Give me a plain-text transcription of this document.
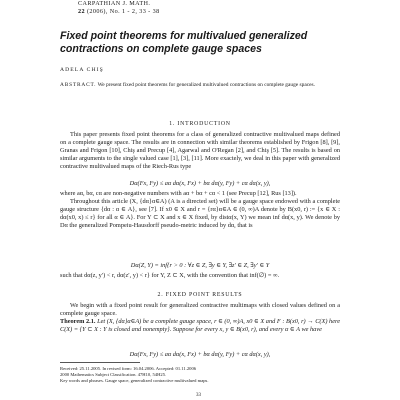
CARPATHIAN J. MATH.
22 (2006), No. 1 - 2, 33 - 38
Fixed point theorems for multivalued generalized contractions on complete gauge spaces
ADELA CHIŞ
ABSTRACT. We present fixed point theorems for generalized multivalued contractions on complete gauge spaces.
1. INTRODUCTION

This paper presents fixed point theorems for a class of generalized contractive multivalued maps defined on a complete gauge space. The results are in connection with similar theorems established by Frigon [8], [9], Granas and Frigon [10], Chiş and Precup [4], Agarwal and O'Regan [2], and Chiş [5]. The results is based on similar arguments to the single valued case [1], [3], [11]. More exactely, we deal in this paper with generalized contractive multivalued maps of the Riech-Rus type

Dα(Fx, Fy) ≤ aα dα(x, Fx) + bα dα(y, Fy) + cα dα(x, y),

where aα, bα, cα are non-negative numbers with aα + bα + cα < 1 (see Precup [12], Rus [13]).

Throughout this article (X, {dα}α∈A) (A is a directed set) will be a gauge space endowed with a complete gauge structure {dα : α ∈ A}, see [7]. If x0 ∈ X and r = {rα}α∈A ∈ (0, ∞)A denote by B(x0, r) := {x ∈ X : dα(x0, x) ≤ r} for all α ∈ A}. For Y ⊂ X and x ∈ X fixed, by distα(x, Y) we mean inf dα(x, y). We denote by Dα the generalized Pompeiu-Hausdorff pseudo-metric induced by dα, that is

Dα(Z, Y) = inf{r > 0 : ∀z ∈ Z, ∃y ∈ Y, ∃z′ ∈ Z, ∃y′ ∈ Y

such that dα(z, y′) < r, dα(z′, y) < r} for Y, Z ⊂ X, with the convention that inf(∅) = ∞.

2. FIXED POINT RESULTS

We begin with a fixed point result for generalized contractive multimaps with closed values defined on a complete gauge space.

Theorem 2.1. Let (X, {dα}α∈A) be a complete gauge space, r ∈ (0, ∞)A, x0 ∈ X and F : B(x0, r) → C(X) here C(X) = {Y ⊂ X : Y is closed and nonempty}. Suppose for every x, y ∈ B(x0, r), and every α ∈ A we have

Dα(Fx, Fy) ≤ aα dα(x, Fx) + bα dα(y, Fy) + cα dα(x, y),
Received: 25.11.2005. In revised form: 16.04.2006. Accepted: 01.11.2006
2000 Mathematics Subject Classification. 47H10, 54H25.
Key words and phrases. Gauge space, generalized contractive multivalued maps.
33
